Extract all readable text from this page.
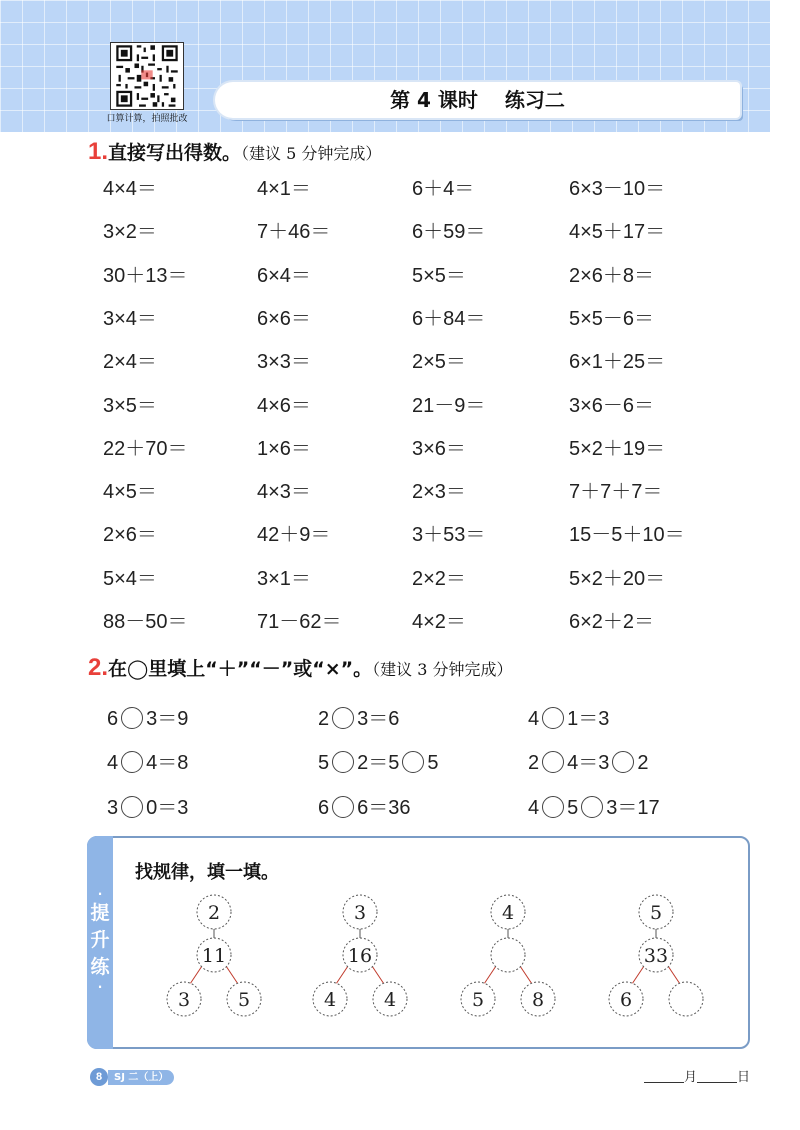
口算计算，拍照批改
第 4 课时　 练习二
1.直接写出得数。（建议 5 分钟完成）
4×4＝	4×1＝	6＋4＝	6×3－10＝
3×2＝	7＋46＝	6＋59＝	4×5＋17＝
30＋13＝	6×4＝	5×5＝	2×6＋8＝
3×4＝	6×6＝	6＋84＝	5×5－6＝
2×4＝	3×3＝	2×5＝	6×1＋25＝
3×5＝	4×6＝	21－9＝	3×6－6＝
22＋70＝	1×6＝	3×6＝	5×2＋19＝
4×5＝	4×3＝	2×3＝	7＋7＋7＝
2×6＝	42＋9＝	3＋53＝	15－5＋10＝
5×4＝	3×1＝	2×2＝	5×2＋20＝
88－50＝	71－62＝	4×2＝	6×2＋2＝
2.在◯里填上“＋”“－”或“×”。（建议 3 分钟完成）
6 3＝9	2 3＝6	4 1＝3
4 4＝8	5 2＝5 5	2 4＝3 2
3 0＝3	6 6＝36	4 5 3＝17
·
提
升
练
·
找规律，填一填。
2
11
3	5
3
16
4	4
4
5	8
5
33
6
8	SJ 二（上）	月	日
